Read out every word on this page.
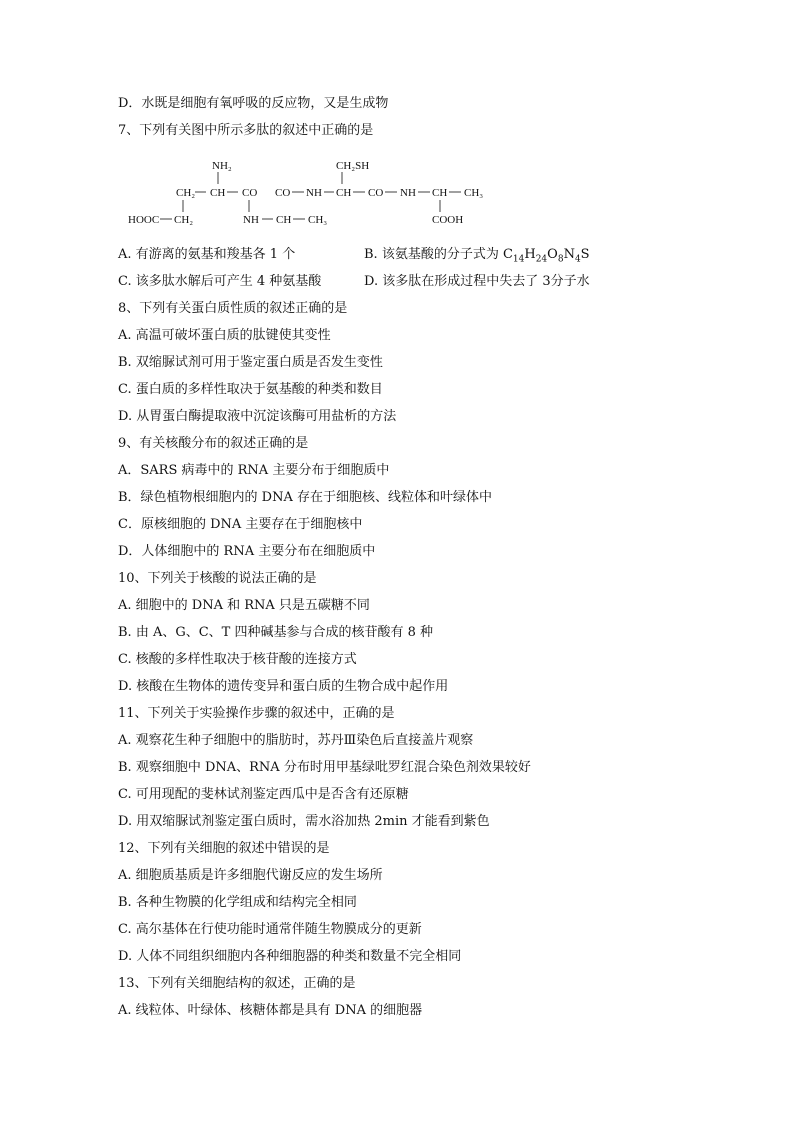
D．水既是细胞有氧呼吸的反应物，又是生成物
7、下列有关图中所示多肽的叙述中正确的是
NH₂	CH₂SH
CH₂ CH CO CO NH CH CO NH CH CH₃
HOOC CH₂	NH CH CH₃	COOH
A. 有游离的氨基和羧基各 1 个	B. 该氨基酸的分子式为 $C_{14}H_{24}O_8N_4S$
C. 该多肽水解后可产生 4 种氨基酸	D. 该多肽在形成过程中失去了 3分子水
8、下列有关蛋白质性质的叙述正确的是
A. 高温可破坏蛋白质的肽键使其变性
B. 双缩脲试剂可用于鉴定蛋白质是否发生变性
C. 蛋白质的多样性取决于氨基酸的种类和数目
D. 从胃蛋白酶提取液中沉淀该酶可用盐析的方法
9、有关核酸分布的叙述正确的是
A．SARS 病毒中的 RNA 主要分布于细胞质中
B．绿色植物根细胞内的 DNA 存在于细胞核、线粒体和叶绿体中
C．原核细胞的 DNA 主要存在于细胞核中
D．人体细胞中的 RNA 主要分布在细胞质中
10、下列关于核酸的说法正确的是
A. 细胞中的 DNA 和 RNA 只是五碳糖不同
B. 由 A、G、C、T 四种碱基参与合成的核苷酸有 8 种
C. 核酸的多样性取决于核苷酸的连接方式
D. 核酸在生物体的遗传变异和蛋白质的生物合成中起作用
11、下列关于实验操作步骤的叙述中，正确的是
A. 观察花生种子细胞中的脂肪时，苏丹Ⅲ染色后直接盖片观察
B. 观察细胞中 DNA、RNA 分布时用甲基绿吡罗红混合染色剂效果较好
C. 可用现配的斐林试剂鉴定西瓜中是否含有还原糖
D. 用双缩脲试剂鉴定蛋白质时，需水浴加热 2min 才能看到紫色
12、下列有关细胞的叙述中错误的是
A. 细胞质基质是许多细胞代谢反应的发生场所
B. 各种生物膜的化学组成和结构完全相同
C. 高尔基体在行使功能时通常伴随生物膜成分的更新
D. 人体不同组织细胞内各种细胞器的种类和数量不完全相同
13、下列有关细胞结构的叙述，正确的是
A. 线粒体、叶绿体、核糖体都是具有 DNA 的细胞器
